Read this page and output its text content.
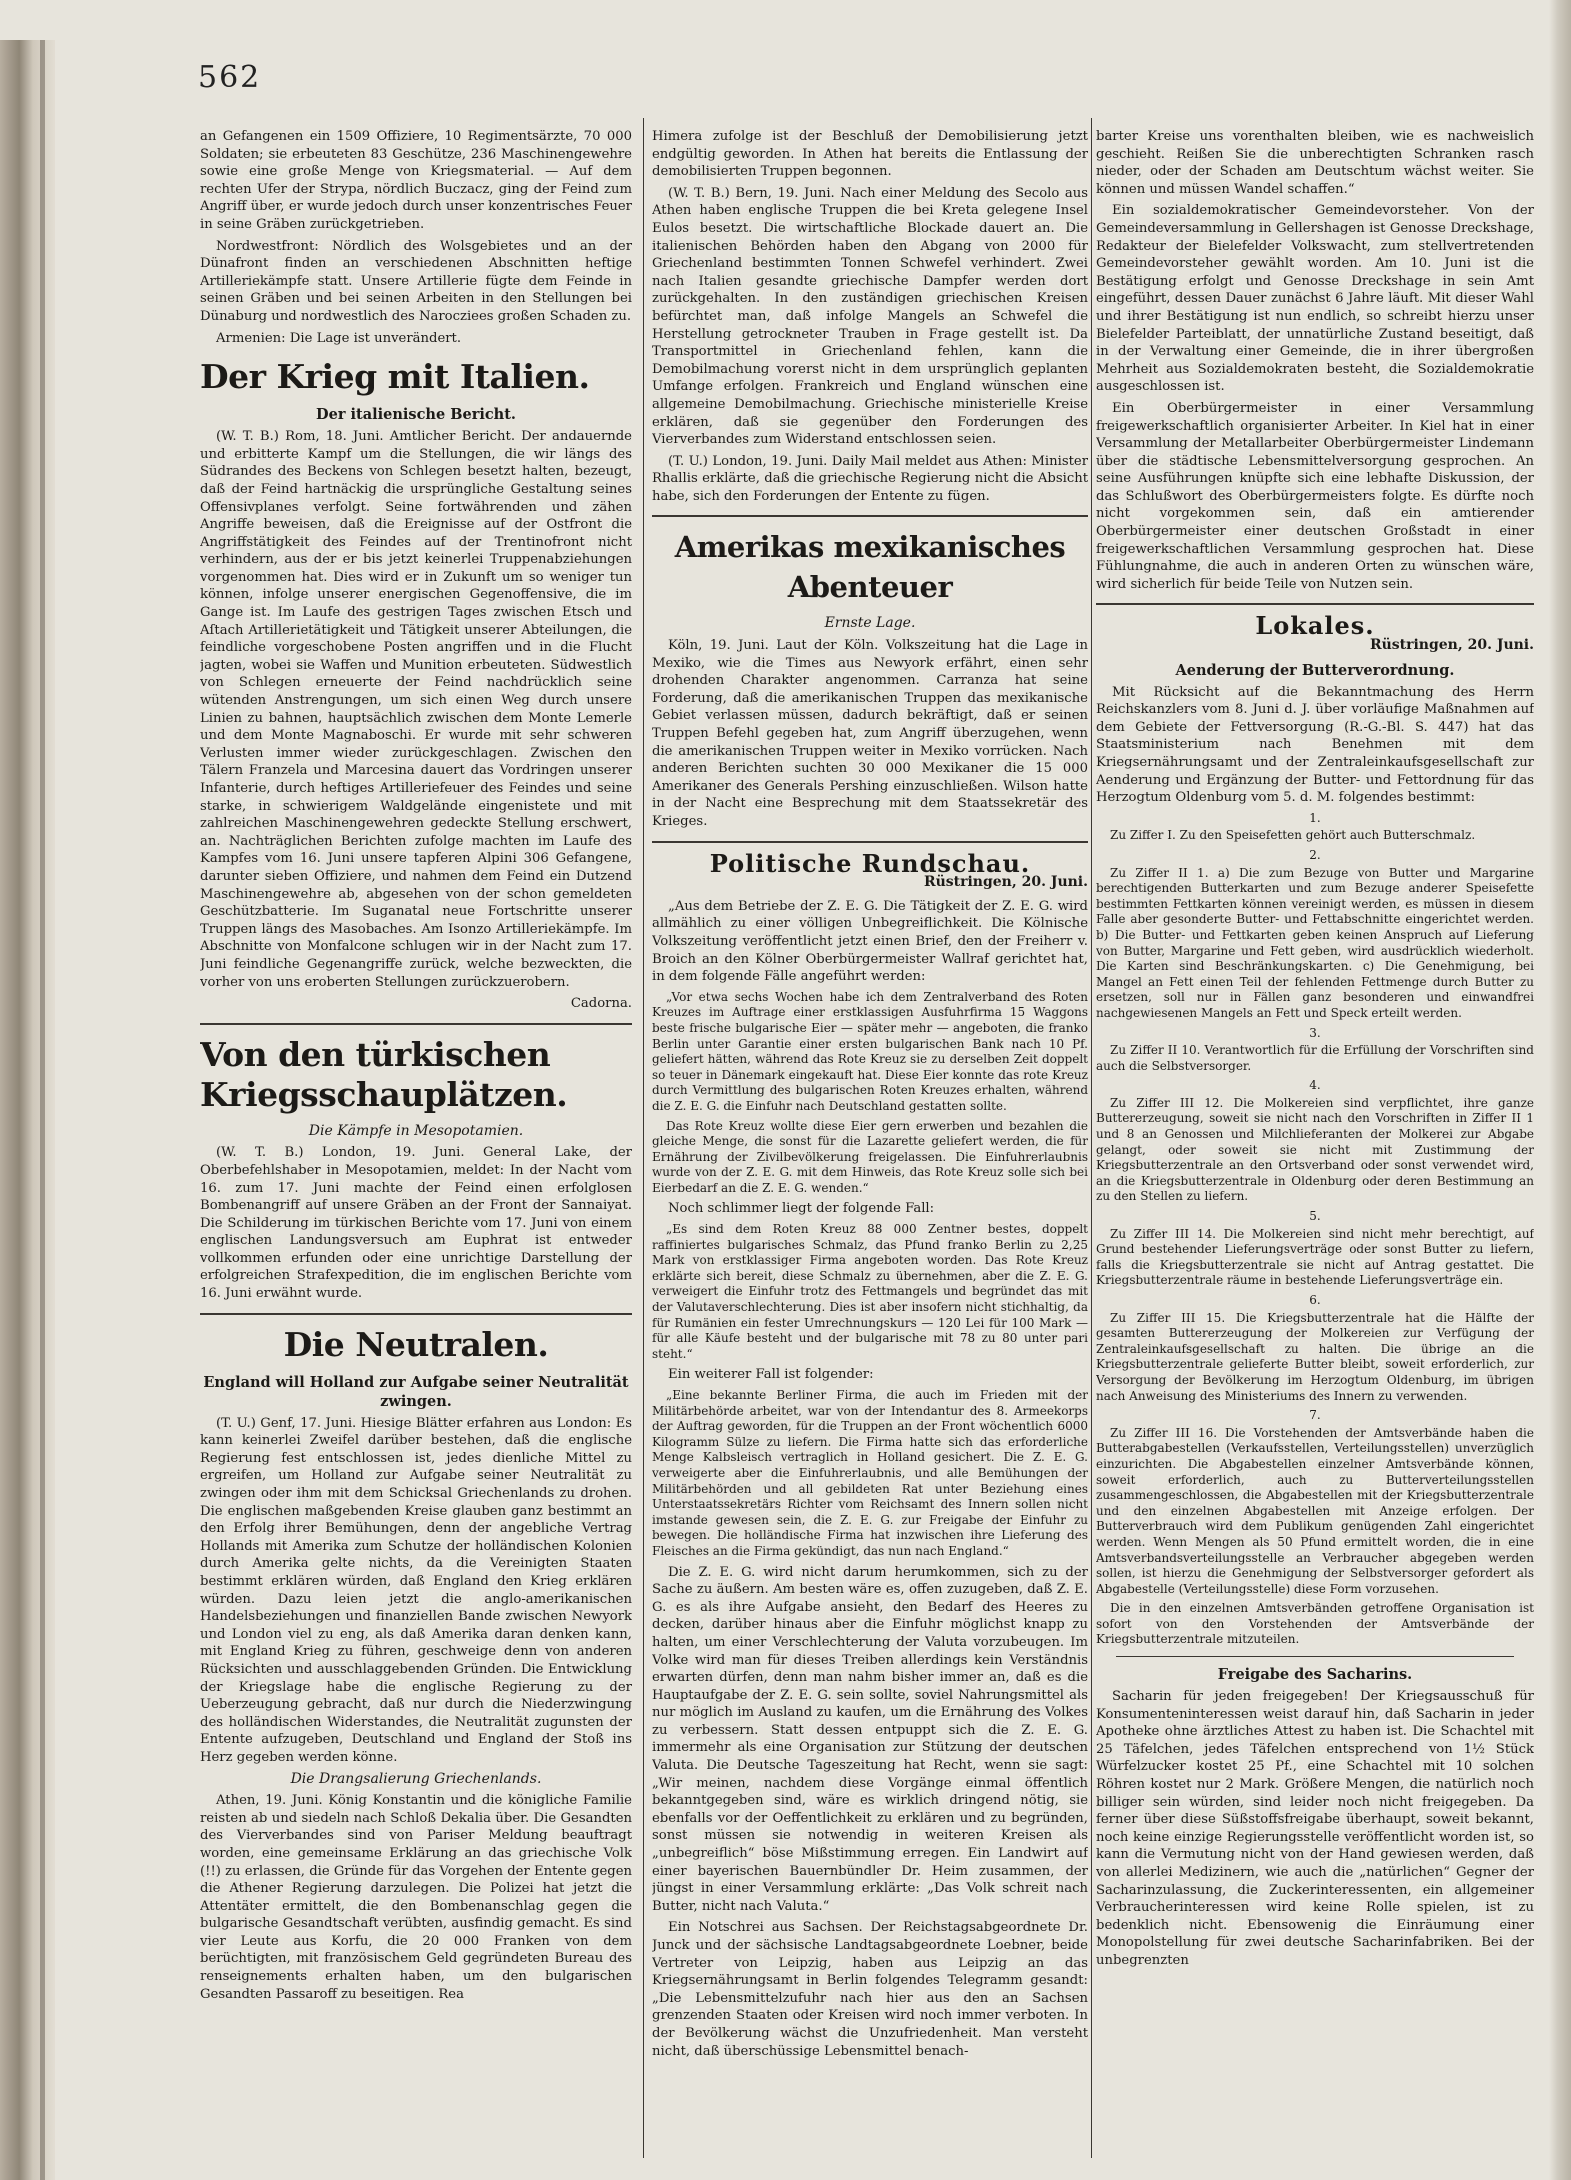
562

an Gefangenen ein 1509 Offiziere, 10 Regimentsärzte, 70 000 Soldaten; sie erbeuteten 83 Geschütze, 236 Maschinengewehre sowie eine große Menge von Kriegsmaterial. — Auf dem rechten Ufer der Strypa, nördlich Buczacz, ging der Feind zum Angriff über, er wurde jedoch durch unser konzentrisches Feuer in seine Gräben zurückgetrieben.

Nordwestfront: Nördlich des Wolsgebietes und an der Dünafront finden an verschiedenen Abschnitten heftige Artilleriekämpfe statt. Unsere Artillerie fügte dem Feinde in seinen Gräben und bei seinen Arbeiten in den Stellungen bei Dünaburg und nordwestlich des Narocziees großen Schaden zu.

Armenien: Die Lage ist unverändert.

Der Krieg mit Italien.
Der italienische Bericht.

(W. T. B.) Rom, 18. Juni. Amtlicher Bericht. Der andauernde und erbitterte Kampf um die Stellungen, die wir längs des Südrandes des Beckens von Schlegen besetzt halten, bezeugt, daß der Feind hartnäckig die ursprüngliche Gestaltung seines Offensivplanes verfolgt. Seine fortwährenden und zähen Angriffe beweisen, daß die Ereignisse auf der Ostfront die Angriffstätigkeit des Feindes auf der Trentinofront nicht verhindern, aus der er bis jetzt keinerlei Truppenabziehungen vorgenommen hat. Dies wird er in Zukunft um so weniger tun können, infolge unserer energischen Gegenoffensive, die im Gange ist. Im Laufe des gestrigen Tages zwischen Etsch und Aſtach Artillerietätigkeit und Tätigkeit unserer Abteilungen, die feindliche vorgeschobene Posten angriffen und in die Flucht jagten, wobei sie Waffen und Munition erbeuteten. Südwestlich von Schlegen erneuerte der Feind nachdrücklich seine wütenden Anstrengungen, um sich einen Weg durch unsere Linien zu bahnen, hauptsächlich zwischen dem Monte Lemerle und dem Monte Magnaboschi. Er wurde mit sehr schweren Verlusten immer wieder zurückgeschlagen. Zwischen den Tälern Franzela und Marcesina dauert das Vordringen unserer Infanterie, durch heftiges Artilleriefeuer des Feindes und seine starke, in schwierigem Waldgelände eingenistete und mit zahlreichen Maschinengewehren gedeckte Stellung erschwert, an. Nachträglichen Berichten zufolge machten im Laufe des Kampfes vom 16. Juni unsere tapferen Alpini 306 Gefangene, darunter sieben Offiziere, und nahmen dem Feind ein Dutzend Maschinengewehre ab, abgesehen von der schon gemeldeten Geschützbatterie. Im Suganatal neue Fortschritte unserer Truppen längs des Masobaches. Am Isonzo Artilleriekämpfe. Im Abschnitte von Monfalcone schlugen wir in der Nacht zum 17. Juni feindliche Gegenangriffe zurück, welche bezweckten, die vorher von uns eroberten Stellungen zurückzuerobern.

Cadorna.

Von den türkischen Kriegsschauplätzen.
Die Kämpfe in Mesopotamien.

(W. T. B.) London, 19. Juni. General Lake, der Oberbefehlshaber in Mesopotamien, meldet: In der Nacht vom 16. zum 17. Juni machte der Feind einen erfolglosen Bombenangriff auf unsere Gräben an der Front der Sannaiyat. Die Schilderung im türkischen Berichte vom 17. Juni von einem englischen Landungsversuch am Euphrat ist entweder vollkommen erfunden oder eine unrichtige Darstellung der erfolgreichen Strafexpedition, die im englischen Berichte vom 16. Juni erwähnt wurde.

Die Neutralen.
England will Holland zur Aufgabe seiner Neutralität zwingen.

(T. U.) Genf, 17. Juni. Hiesige Blätter erfahren aus London: Es kann keinerlei Zweifel darüber bestehen, daß die englische Regierung fest entschlossen ist, jedes dienliche Mittel zu ergreifen, um Holland zur Aufgabe seiner Neutralität zu zwingen oder ihm mit dem Schicksal Griechenlands zu drohen. Die englischen maßgebenden Kreise glauben ganz bestimmt an den Erfolg ihrer Bemühungen, denn der angebliche Vertrag Hollands mit Amerika zum Schutze der holländischen Kolonien durch Amerika gelte nichts, da die Vereinigten Staaten bestimmt erklären würden, daß England den Krieg erklären würden. Dazu leien jetzt die anglo-amerikanischen Handelsbeziehungen und finanziellen Bande zwischen Newyork und London viel zu eng, als daß Amerika daran denken kann, mit England Krieg zu führen, geschweige denn von anderen Rücksichten und ausschlaggebenden Gründen. Die Entwicklung der Kriegslage habe die englische Regierung zu der Ueberzeugung gebracht, daß nur durch die Niederzwingung des holländischen Widerstandes, die Neutralität zugunsten der Entente aufzugeben, Deutschland und England der Stoß ins Herz gegeben werden könne.

Die Drangsalierung Griechenlands.

Athen, 19. Juni. König Konstantin und die königliche Familie reisten ab und siedeln nach Schloß Dekalia über. Die Gesandten des Vierverbandes sind von Pariser Meldung beauftragt worden, eine gemeinsame Erklärung an das griechische Volk (!!) zu erlassen, die Gründe für das Vorgehen der Entente gegen die Athener Regierung darzulegen. Die Polizei hat jetzt die Attentäter ermittelt, die den Bombenanschlag gegen die bulgarische Gesandtschaft verübten, ausfindig gemacht. Es sind vier Leute aus Korfu, die 20 000 Franken von dem berüchtigten, mit französischem Geld gegründeten Bureau des renseignements erhalten haben, um den bulgarischen Gesandten Passaroff zu beseitigen. Rea

Himera zufolge ist der Beschluß der Demobilisierung jetzt endgültig geworden. In Athen hat bereits die Entlassung der demobilisierten Truppen begonnen.

(W. T. B.) Bern, 19. Juni. Nach einer Meldung des Secolo aus Athen haben englische Truppen die bei Kreta gelegene Insel Eulos besetzt. Die wirtschaftliche Blockade dauert an. Die italienischen Behörden haben den Abgang von 2000 für Griechenland bestimmten Tonnen Schwefel verhindert. Zwei nach Italien gesandte griechische Dampfer werden dort zurückgehalten. In den zuständigen griechischen Kreisen befürchtet man, daß infolge Mangels an Schwefel die Herstellung getrockneter Trauben in Frage gestellt ist. Da Transportmittel in Griechenland fehlen, kann die Demobilmachung vorerst nicht in dem ursprünglich geplanten Umfange erfolgen. Frankreich und England wünschen eine allgemeine Demobilmachung. Griechische ministerielle Kreise erklären, daß sie gegenüber den Forderungen des Vierverbandes zum Widerstand entschlossen seien.

(T. U.) London, 19. Juni. Daily Mail meldet aus Athen: Minister Rhallis erklärte, daß die griechische Regierung nicht die Absicht habe, sich den Forderungen der Entente zu fügen.

Amerikas mexikanisches Abenteuer
Ernste Lage.

Köln, 19. Juni. Laut der Köln. Volkszeitung hat die Lage in Mexiko, wie die Times aus Newyork erfährt, einen sehr drohenden Charakter angenommen. Carranza hat seine Forderung, daß die amerikanischen Truppen das mexikanische Gebiet verlassen müssen, dadurch bekräftigt, daß er seinen Truppen Befehl gegeben hat, zum Angriff überzugehen, wenn die amerikanischen Truppen weiter in Mexiko vorrücken. Nach anderen Berichten suchten 30 000 Mexikaner die 15 000 Amerikaner des Generals Pershing einzuschließen. Wilson hatte in der Nacht eine Besprechung mit dem Staatssekretär des Krieges.

Politische Rundschau.
Rüstringen, 20. Juni.

„Aus dem Betriebe der Z. E. G. Die Tätigkeit der Z. E. G. wird allmählich zu einer völligen Unbegreiflichkeit. Die Kölnische Volkszeitung veröffentlicht jetzt einen Brief, den der Freiherr v. Broich an den Kölner Oberbürgermeister Wallraf gerichtet hat, in dem folgende Fälle angeführt werden:

„Vor etwa sechs Wochen habe ich dem Zentralverband des Roten Kreuzes im Auftrage einer erstklassigen Ausfuhrfirma 15 Waggons beste frische bulgarische Eier — später mehr — angeboten, die franko Berlin unter Garantie einer ersten bulgarischen Bank nach 10 Pf. geliefert hätten, während das Rote Kreuz sie zu derselben Zeit doppelt so teuer in Dänemark eingekauft hat. Diese Eier konnte das rote Kreuz durch Vermittlung des bulgarischen Roten Kreuzes erhalten, während die Z. E. G. die Einfuhr nach Deutschland gestatten sollte.

Das Rote Kreuz wollte diese Eier gern erwerben und bezahlen die gleiche Menge, die sonst für die Lazarette geliefert werden, die für Ernährung der Zivilbevölkerung freigelassen. Die Einfuhrerlaubnis wurde von der Z. E. G. mit dem Hinweis, das Rote Kreuz solle sich bei Eierbedarf an die Z. E. G. wenden.“

Noch schlimmer liegt der folgende Fall:

„Es sind dem Roten Kreuz 88 000 Zentner bestes, doppelt raffiniertes bulgarisches Schmalz, das Pfund franko Berlin zu 2,25 Mark von erstklassiger Firma angeboten worden. Das Rote Kreuz erklärte sich bereit, diese Schmalz zu übernehmen, aber die Z. E. G. verweigert die Einfuhr trotz des Fettmangels und begründet das mit der Valutaverschlechterung. Dies ist aber insofern nicht stichhaltig, da für Rumänien ein fester Umrechnungskurs — 120 Lei für 100 Mark — für alle Käufe besteht und der bulgarische mit 78 zu 80 unter pari steht.“

Ein weiterer Fall ist folgender:

„Eine bekannte Berliner Firma, die auch im Frieden mit der Militärbehörde arbeitet, war von der Intendantur des 8. Armeekorps der Auftrag geworden, für die Truppen an der Front wöchentlich 6000 Kilogramm Sülze zu liefern. Die Firma hatte sich das erforderliche Menge Kalbsleisch vertraglich in Holland gesichert. Die Z. E. G. verweigerte aber die Einfuhrerlaubnis, und alle Bemühungen der Militärbehörden und all gebildeten Rat unter Beziehung eines Unterstaatssekretärs Richter vom Reichsamt des Innern sollen nicht imstande gewesen sein, die Z. E. G. zur Freigabe der Einfuhr zu bewegen. Die holländische Firma hat inzwischen ihre Lieferung des Fleisches an die Firma gekündigt, das nun nach England.“

Die Z. E. G. wird nicht darum herumkommen, sich zu der Sache zu äußern. Am besten wäre es, offen zuzugeben, daß Z. E. G. es als ihre Aufgabe ansieht, den Bedarf des Heeres zu decken, darüber hinaus aber die Einfuhr möglichst knapp zu halten, um einer Verschlechterung der Valuta vorzubeugen. Im Volke wird man für dieses Treiben allerdings kein Verständnis erwarten dürfen, denn man nahm bisher immer an, daß es die Hauptaufgabe der Z. E. G. sein sollte, soviel Nahrungsmittel als nur möglich im Ausland zu kaufen, um die Ernährung des Volkes zu verbessern. Statt dessen entpuppt sich die Z. E. G. immermehr als eine Organisation zur Stützung der deutschen Valuta. Die Deutsche Tageszeitung hat Recht, wenn sie sagt: „Wir meinen, nachdem diese Vorgänge einmal öffentlich bekanntgegeben sind, wäre es wirklich dringend nötig, sie ebenfalls vor der Oeffentlichkeit zu erklären und zu begründen, sonst müssen sie notwendig in weiteren Kreisen als „unbegreiflich“ böse Mißstimmung erregen. Ein Landwirt auf einer bayerischen Bauernbündler Dr. Heim zusammen, der jüngst in einer Versammlung erklärte: „Das Volk schreit nach Butter, nicht nach Valuta.“

Ein Notschrei aus Sachsen. Der Reichstagsabgeordnete Dr. Junck und der sächsische Landtagsabgeordnete Loebner, beide Vertreter von Leipzig, haben aus Leipzig an das Kriegsernährungsamt in Berlin folgendes Telegramm gesandt: „Die Lebensmittelzufuhr nach hier aus den an Sachsen grenzenden Staaten oder Kreisen wird noch immer verboten. In der Bevölkerung wächst die Unzufriedenheit. Man versteht nicht, daß überschüssige Lebensmittel benach-

barter Kreise uns vorenthalten bleiben, wie es nachweislich geschieht. Reißen Sie die unberechtigten Schranken rasch nieder, oder der Schaden am Deutschtum wächst weiter. Sie können und müssen Wandel schaffen.“

Ein sozialdemokratischer Gemeindevorsteher. Von der Gemeindeversammlung in Gellershagen ist Genosse Dreckshage, Redakteur der Bielefelder Volkswacht, zum stellvertretenden Gemeindevorsteher gewählt worden. Am 10. Juni ist die Bestätigung erfolgt und Genosse Dreckshage in sein Amt eingeführt, dessen Dauer zunächst 6 Jahre läuft. Mit dieser Wahl und ihrer Bestätigung ist nun endlich, so schreibt hierzu unser Bielefelder Parteiblatt, der unnatürliche Zustand beseitigt, daß in der Verwaltung einer Gemeinde, die in ihrer übergroßen Mehrheit aus Sozialdemokraten besteht, die Sozialdemokratie ausgeschlossen ist.

Ein Oberbürgermeister in einer Versammlung freigewerkschaftlich organisierter Arbeiter. In Kiel hat in einer Versammlung der Metallarbeiter Oberbürgermeister Lindemann über die städtische Lebensmittelversorgung gesprochen. An seine Ausführungen knüpfte sich eine lebhafte Diskussion, der das Schlußwort des Oberbürgermeisters folgte. Es dürfte noch nicht vorgekommen sein, daß ein amtierender Oberbürgermeister einer deutschen Großstadt in einer freigewerkschaftlichen Versammlung gesprochen hat. Diese Fühlungnahme, die auch in anderen Orten zu wünschen wäre, wird sicherlich für beide Teile von Nutzen sein.

Lokales.
Rüstringen, 20. Juni.
Aenderung der Butterverordnung.

Mit Rücksicht auf die Bekanntmachung des Herrn Reichskanzlers vom 8. Juni d. J. über vorläufige Maßnahmen auf dem Gebiete der Fettversorgung (R.-G.-Bl. S. 447) hat das Staatsministerium nach Benehmen mit dem Kriegsernährungsamt und der Zentraleinkaufsgesellschaft zur Aenderung und Ergänzung der Butter- und Fettordnung für das Herzogtum Oldenburg vom 5. d. M. folgendes bestimmt:

1.

Zu Ziffer I. Zu den Speisefetten gehört auch Butterschmalz.

2.

Zu Ziffer II 1. a) Die zum Bezuge von Butter und Margarine berechtigenden Butterkarten und zum Bezuge anderer Speisefette bestimmten Fettkarten können vereinigt werden, es müssen in diesem Falle aber gesonderte Butter- und Fettabschnitte eingerichtet werden. b) Die Butter- und Fettkarten geben keinen Anspruch auf Lieferung von Butter, Margarine und Fett geben, wird ausdrücklich wiederholt. Die Karten sind Beschränkungskarten. c) Die Genehmigung, bei Mangel an Fett einen Teil der fehlenden Fettmenge durch Butter zu ersetzen, soll nur in Fällen ganz besonderen und einwandfrei nachgewiesenen Mangels an Fett und Speck erteilt werden.

3.

Zu Ziffer II 10. Verantwortlich für die Erfüllung der Vorschriften sind auch die Selbstversorger.

4.

Zu Ziffer III 12. Die Molkereien sind verpflichtet, ihre ganze Buttererzeugung, soweit sie nicht nach den Vorschriften in Ziffer II 1 und 8 an Genossen und Milchlieferanten der Molkerei zur Abgabe gelangt, oder soweit sie nicht mit Zustimmung der Kriegsbutterzentrale an den Ortsverband oder sonst verwendet wird, an die Kriegsbutterzentrale in Oldenburg oder deren Bestimmung an zu den Stellen zu liefern.

5.

Zu Ziffer III 14. Die Molkereien sind nicht mehr berechtigt, auf Grund bestehender Lieferungsverträge oder sonst Butter zu liefern, falls die Kriegsbutterzentrale sie nicht auf Antrag gestattet. Die Kriegsbutterzentrale räume in bestehende Lieferungsverträge ein.

6.

Zu Ziffer III 15. Die Kriegsbutterzentrale hat die Hälfte der gesamten Buttererzeugung der Molkereien zur Verfügung der Zentraleinkaufsgesellschaft zu halten. Die übrige an die Kriegsbutterzentrale gelieferte Butter bleibt, soweit erforderlich, zur Versorgung der Bevölkerung im Herzogtum Oldenburg, im übrigen nach Anweisung des Ministeriums des Innern zu verwenden.

7.

Zu Ziffer III 16. Die Vorstehenden der Amtsverbände haben die Butterabgabestellen (Verkaufsstellen, Verteilungsstellen) unverzüglich einzurichten. Die Abgabestellen einzelner Amtsverbände können, soweit erforderlich, auch zu Butterverteilungsstellen zusammengeschlossen, die Abgabestellen mit der Kriegsbutterzentrale und den einzelnen Abgabestellen mit Anzeige erfolgen. Der Butterverbrauch wird dem Publikum genügenden Zahl eingerichtet werden. Wenn Mengen als 50 Pfund ermittelt worden, die in eine Amtsverbandsverteilungsstelle an Verbraucher abgegeben werden sollen, ist hierzu die Genehmigung der Selbstversorger gefordert als Abgabestelle (Verteilungsstelle) diese Form vorzusehen.

Die in den einzelnen Amtsverbänden getroffene Organisation ist sofort von den Vorstehenden der Amtsverbände der Kriegsbutterzentrale mitzuteilen.

Freigabe des Sacharins.

Sacharin für jeden freigegeben! Der Kriegsausschuß für Konsumenteninteressen weist darauf hin, daß Sacharin in jeder Apotheke ohne ärztliches Attest zu haben ist. Die Schachtel mit 25 Täfelchen, jedes Täfelchen entsprechend von 1½ Stück Würfelzucker kostet 25 Pf., eine Schachtel mit 10 solchen Röhren kostet nur 2 Mark. Größere Mengen, die natürlich noch billiger sein würden, sind leider noch nicht freigegeben. Da ferner über diese Süßstoffsfreigabe überhaupt, soweit bekannt, noch keine einzige Regierungsstelle veröffentlicht worden ist, so kann die Vermutung nicht von der Hand gewiesen werden, daß von allerlei Medizinern, wie auch die „natürlichen“ Gegner der Sacharinzulassung, die Zuckerinteressenten, ein allgemeiner Verbraucherinteressen wird keine Rolle spielen, ist zu bedenklich nicht. Ebensowenig die Einräumung einer Monopolstellung für zwei deutsche Sacharinfabriken. Bei der unbegrenzten
